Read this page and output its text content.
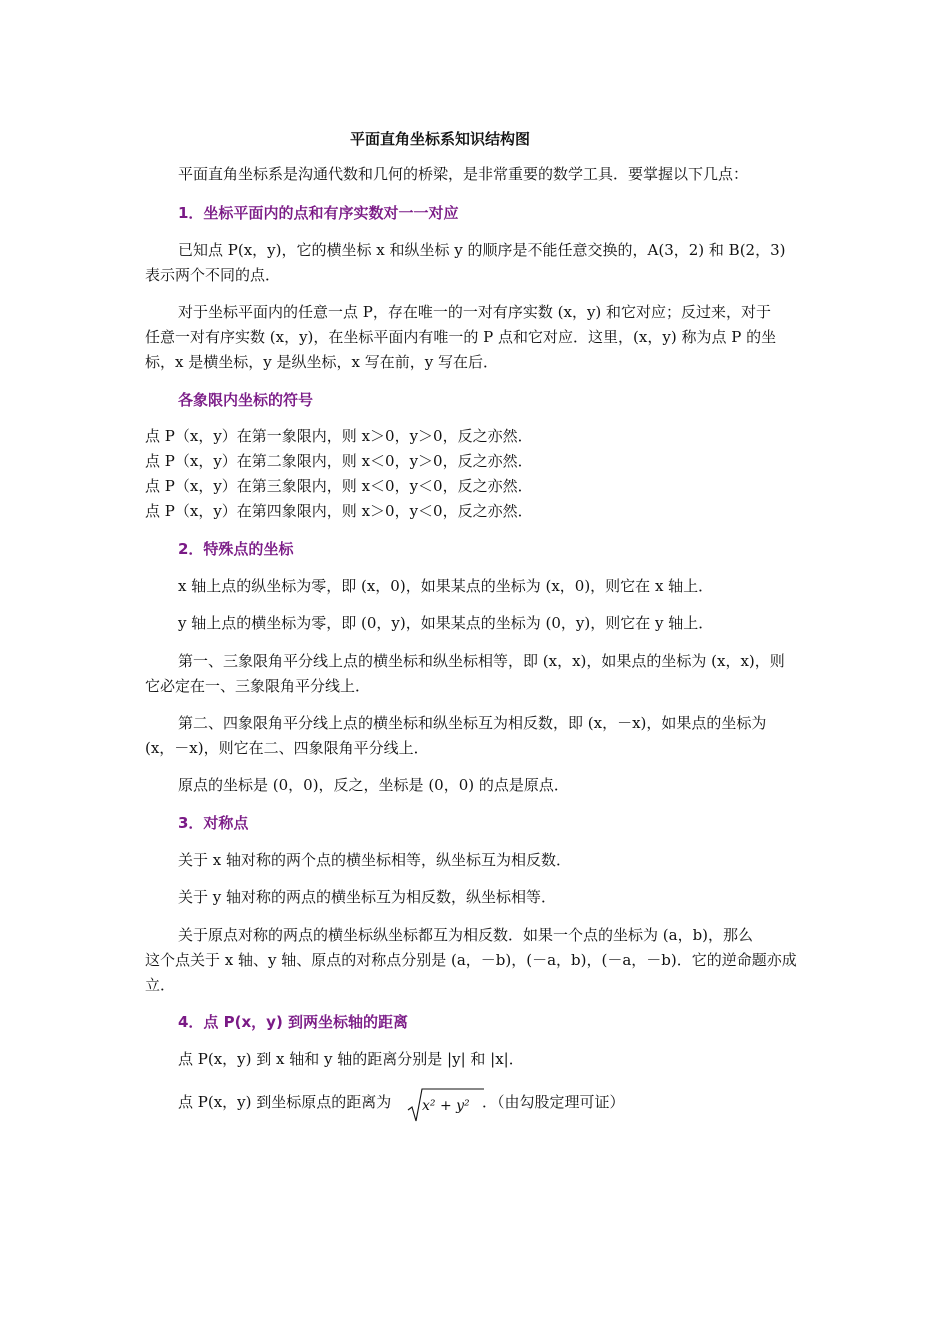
平面直角坐标系知识结构图
平面直角坐标系是沟通代数和几何的桥梁，是非常重要的数学工具．要掌握以下几点：
1．坐标平面内的点和有序实数对一一对应
已知点 P(x，y)，它的横坐标 x 和纵坐标 y 的顺序是不能任意交换的，A(3，2) 和 B(2，3)
表示两个不同的点．
对于坐标平面内的任意一点 P，存在唯一的一对有序实数 (x，y) 和它对应；反过来，对于
任意一对有序实数 (x，y)，在坐标平面内有唯一的 P 点和它对应．这里，(x，y) 称为点 P 的坐
标，x 是横坐标，y 是纵坐标，x 写在前，y 写在后．
各象限内坐标的符号
点 P（x，y）在第一象限内，则 x＞0，y＞0，反之亦然．
点 P（x，y）在第二象限内，则 x＜0，y＞0，反之亦然．
点 P（x，y）在第三象限内，则 x＜0，y＜0，反之亦然．
点 P（x，y）在第四象限内，则 x＞0，y＜0，反之亦然．
2．特殊点的坐标
x 轴上点的纵坐标为零，即 (x，0)，如果某点的坐标为 (x，0)，则它在 x 轴上．
y 轴上点的横坐标为零，即 (0，y)，如果某点的坐标为 (0，y)，则它在 y 轴上．
第一、三象限角平分线上点的横坐标和纵坐标相等，即 (x，x)，如果点的坐标为 (x，x)，则
它必定在一、三象限角平分线上．
第二、四象限角平分线上点的横坐标和纵坐标互为相反数，即 (x，－x)，如果点的坐标为
(x，－x)，则它在二、四象限角平分线上．
原点的坐标是 (0，0)，反之，坐标是 (0，0) 的点是原点．
3．对称点
关于 x 轴对称的两个点的横坐标相等，纵坐标互为相反数．
关于 y 轴对称的两点的横坐标互为相反数，纵坐标相等．
关于原点对称的两点的横坐标纵坐标都互为相反数．如果一个点的坐标为 (a，b)，那么
这个点关于 x 轴、y 轴、原点的对称点分别是 (a，－b)，(－a，b)，(－a，－b)．它的逆命题亦成
立．
4．点 P(x，y) 到两坐标轴的距离
点 P(x，y) 到 x 轴和 y 轴的距离分别是 |y| 和 |x|．
点 P(x，y) 到坐标原点的距离为 x² + y² ．（由勾股定理可证）
